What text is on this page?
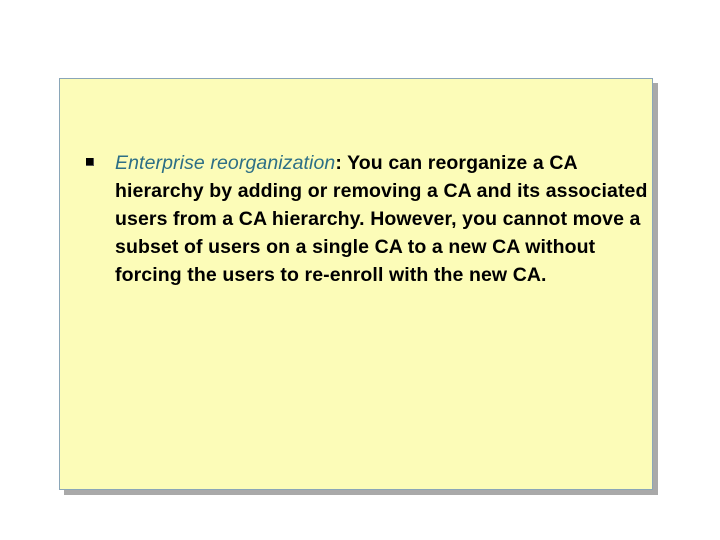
Enterprise reorganization: You can reorganize a CA hierarchy by adding or removing a CA and its associated users from a CA hierarchy. However, you cannot move a subset of users on a single CA to a new CA without forcing the users to re-enroll with the new CA.
